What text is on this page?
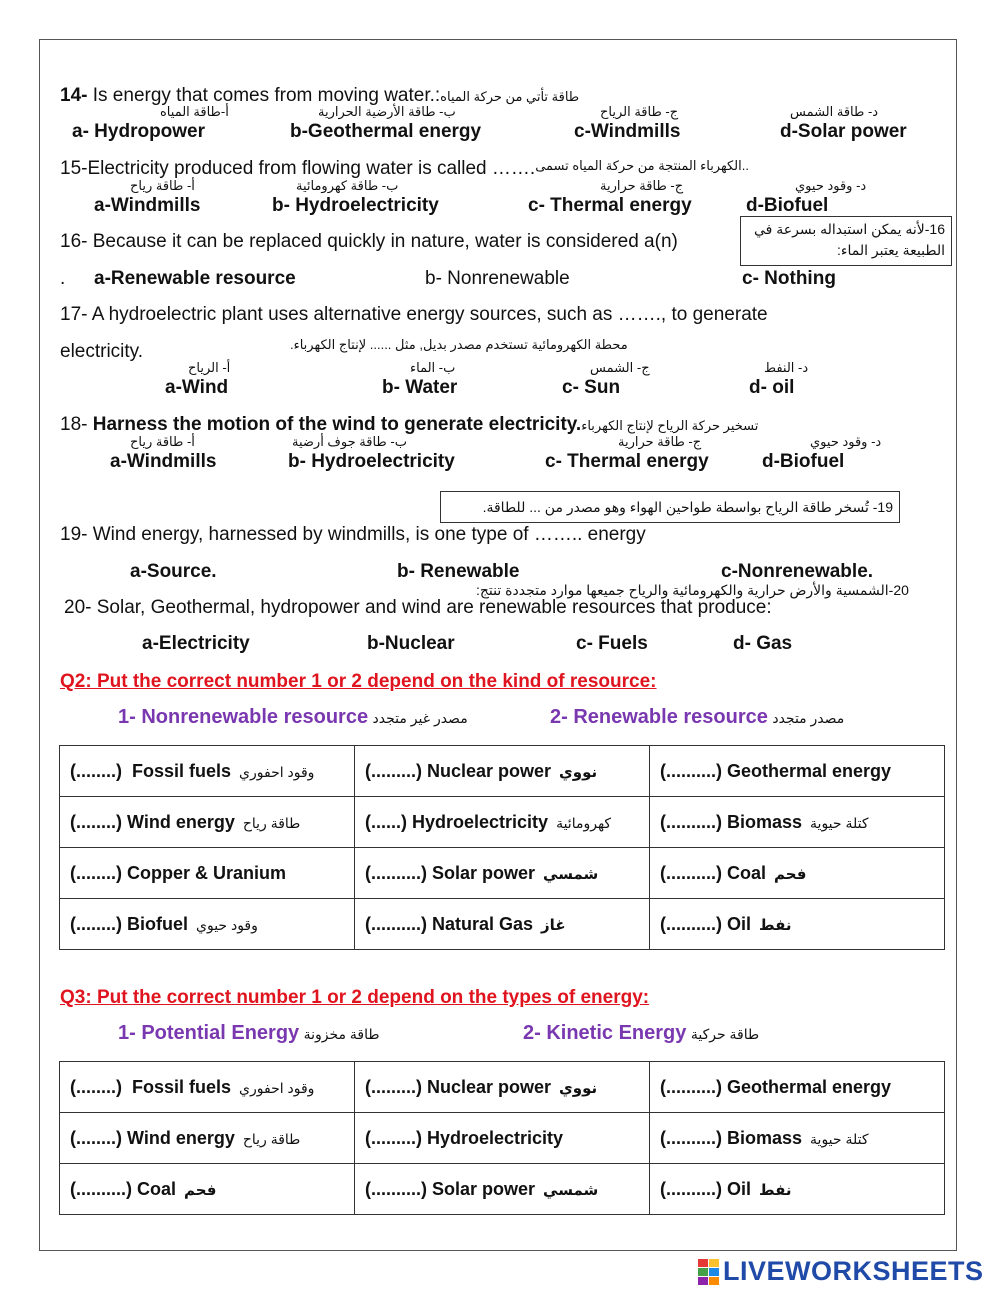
14- Is energy that comes from moving water.:طاقة تأتي من حركة المياه
أ-طاقة المياه	ب- طاقة الأرضية الحرارية	ج- طاقة الرياح	د- طاقة الشمس
a- Hydropower	b-Geothermal energy	c-Windmills	d-Solar power
15-Electricity produced from flowing water is called …….$^{..الكهرباء المنتجة من حركة المياه تسمى}$
أ- طاقة رياح	ب- طاقة كهرومائية	ج- طاقة حرارية	د- وقود حيوي
a-Windmills	b- Hydroelectricity	c- Thermal energy	d-Biofuel
16- Because it can be replaced quickly in nature, water is considered a(n)
16-لأنه يمكن استبداله بسرعة في الطبيعة يعتبر الماء:
. a-Renewable resource	b- Nonrenewable	c- Nothing
17- A hydroelectric plant uses alternative energy sources, such as ……., to generate
electricity.	محطة الكهرومائية تستخدم مصدر بديل, مثل ...... لإنتاج الكهرباء.
أ- الرياح	ب- الماء	ج- الشمس	د- النفط
a-Wind	b- Water	c- Sun	d- oil
18- Harness the motion of the wind to generate electricity.تسخير حركة الرياح لإنتاج الكهرباء
أ- طاقة رياح	ب- طاقة جوف أرضية	ج- طاقة حرارية	د- وقود حيوي
a-Windmills	b- Hydroelectricity	c- Thermal energy	d-Biofuel
19- تُسخر طاقة الرياح بواسطة طواحين الهواء وهو مصدر من ... للطاقة.
19- Wind energy, harnessed by windmills, is one type of …….. energy
a-Source.	b- Renewable	c-Nonrenewable.
20-الشمسية والأرض حرارية والكهرومائية والرياح جميعها موارد متجددة تنتج:
20- Solar, Geothermal, hydropower and wind are renewable resources that produce:
a-Electricity	b-Nuclear	c- Fuels	d- Gas
Q2: Put the correct number 1 or 2 depend on the kind of resource:
1- Nonrenewable resource مصدر غير متجدد	2- Renewable resource مصدر متجدد
(........)  Fossil fuels وقود احفوري	(.........) Nuclear power نووي	(..........) Geothermal energy
(........) Wind energy طاقة رياح	(......) Hydroelectricity كهرومائية	(..........) Biomass كتلة حيوية
(........) Copper & Uranium	(..........) Solar power شمسي	(..........) Coal فحم
(........) Biofuel وقود حيوي	(..........) Natural Gas غاز	(..........) Oil نفط
Q3: Put the correct number 1 or 2 depend on the types of energy:
1- Potential Energy طاقة مخزونة	2- Kinetic Energy طاقة حركية
(........)  Fossil fuels وقود احفوري	(.........) Nuclear power نووي	(..........) Geothermal energy
(........) Wind energy طاقة رياح	(.........) Hydroelectricity	(..........) Biomass كتلة حيوية
(..........) Coal فحم	(..........) Solar power شمسي	(..........) Oil نفط
LIVEWORKSHEETS
